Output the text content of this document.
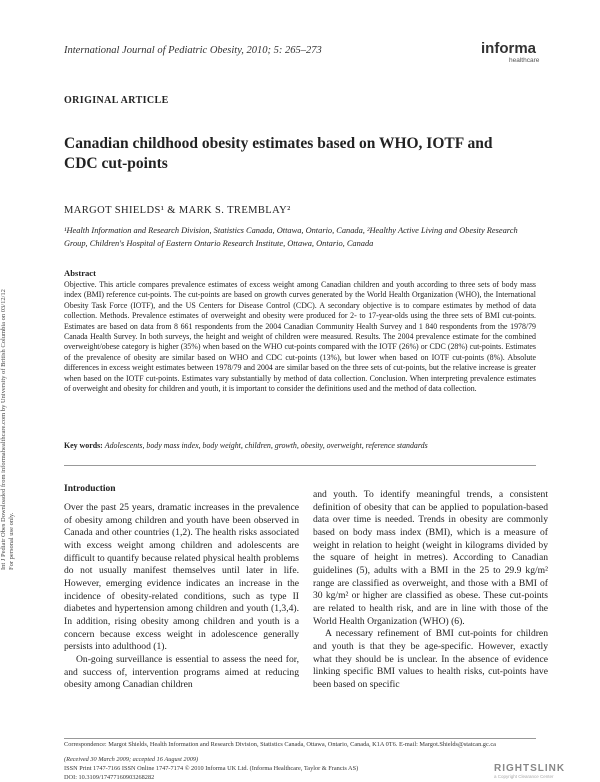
International Journal of Pediatric Obesity, 2010; 5: 265–273	informa
healthcare
ORIGINAL ARTICLE
Canadian childhood obesity estimates based on WHO, IOTF and CDC cut-points
MARGOT SHIELDS¹ & MARK S. TREMBLAY²
¹Health Information and Research Division, Statistics Canada, Ottawa, Ontario, Canada, ²Healthy Active Living and Obesity Research Group, Children's Hospital of Eastern Ontario Research Institute, Ottawa, Ontario, Canada
Abstract
Objective. This article compares prevalence estimates of excess weight among Canadian children and youth according to three sets of body mass index (BMI) reference cut-points. The cut-points are based on growth curves generated by the World Health Organization (WHO), the International Obesity Task Force (IOTF), and the US Centers for Disease Control (CDC). A secondary objective is to compare estimates by method of data collection. Methods. Prevalence estimates of overweight and obesity were produced for 2- to 17-year-olds using the three sets of BMI cut-points. Estimates are based on data from 8 661 respondents from the 2004 Canadian Community Health Survey and 1 840 respondents from the 1978/79 Canada Health Survey. In both surveys, the height and weight of children were measured. Results. The 2004 prevalence estimate for the combined overweight/obese category is higher (35%) when based on the WHO cut-points compared with the IOTF (26%) or CDC (28%) cut-points. Estimates of the prevalence of obesity are similar based on WHO and CDC cut-points (13%), but lower when based on IOTF cut-points (8%). Absolute differences in excess weight estimates between 1978/79 and 2004 are similar based on the three sets of cut-points, but the relative increase is greater when based on the IOTF cut-points. Estimates vary substantially by method of data collection. Conclusion. When interpreting prevalence estimates of overweight and obesity for children and youth, it is important to consider the definitions used and the method of data collection.
Key words: Adolescents, body mass index, body weight, children, growth, obesity, overweight, reference standards
Introduction

Over the past 25 years, dramatic increases in the prevalence of obesity among children and youth have been observed in Canada and other countries (1,2). The health risks associated with excess weight among children and adolescents are difficult to quantify because related physical health problems do not usually manifest themselves until later in life. However, emerging evidence indicates an increase in the incidence of obesity-related conditions, such as type II diabetes and hypertension among children and youth (1,3,4). In addition, rising obesity among children and youth is a concern because excess weight in adolescence generally persists into adulthood (1).

On-going surveillance is essential to assess the need for, and success of, intervention programs aimed at reducing obesity among Canadian children

and youth. To identify meaningful trends, a consistent definition of obesity that can be applied to population-based data over time is needed. Trends in obesity are commonly based on body mass index (BMI), which is a measure of weight in relation to height (weight in kilograms divided by the square of height in metres). According to Canadian guidelines (5), adults with a BMI in the 25 to 29.9 kg/m² range are classified as overweight, and those with a BMI of 30 kg/m² or higher are classified as obese. These cut-points are related to health risk, and are in line with those of the World Health Organization (WHO) (6).

A necessary refinement of BMI cut-points for children and youth is that they be age-specific. However, exactly what they should be is unclear. In the absence of evidence linking specific BMI values to health risks, cut-points have been based on specific

Correspondence: Margot Shields, Health Information and Research Division, Statistics Canada, Ottawa, Ontario, Canada, K1A 0T6. E-mail: Margot.Shields@statcan.gc.ca
(Received 30 March 2009; accepted 16 August 2009)
ISSN Print 1747-7166 ISSN Online 1747-7174 © 2010 Informa UK Ltd. (Informa Healthcare, Taylor & Francis AS)
DOI: 10.3109/17477160903268282
RIGHTSLINK
a Copyright Clearance Center
Int J Pediatr Obes Downloaded from informahealthcare.com by University of British Columbia on 03/12/12 For personal use only.
